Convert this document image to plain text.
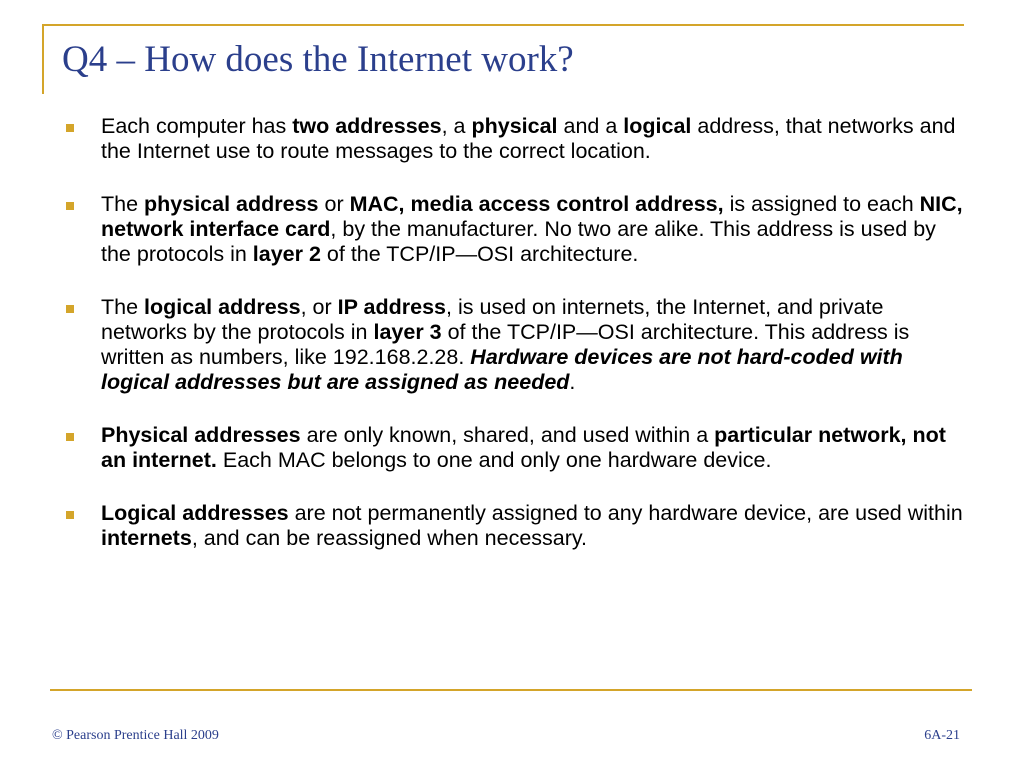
Q4 – How does the Internet work?
Each computer has two addresses, a physical and a logical address, that networks and the Internet use to route messages to the correct location.
The physical address or MAC, media access control address, is assigned to each NIC, network interface card, by the manufacturer. No two are alike. This address is used by the protocols in layer 2 of the TCP/IP—OSI architecture.
The logical address, or IP address, is used on internets, the Internet, and private networks by the protocols in layer 3 of the TCP/IP—OSI architecture. This address is written as numbers, like 192.168.2.28. Hardware devices are not hard-coded with logical addresses but are assigned as needed.
Physical addresses are only known, shared, and used within a particular network, not an internet. Each MAC belongs to one and only one hardware device.
Logical addresses are not permanently assigned to any hardware device, are used within internets, and can be reassigned when necessary.
© Pearson Prentice Hall 2009	6A-21
